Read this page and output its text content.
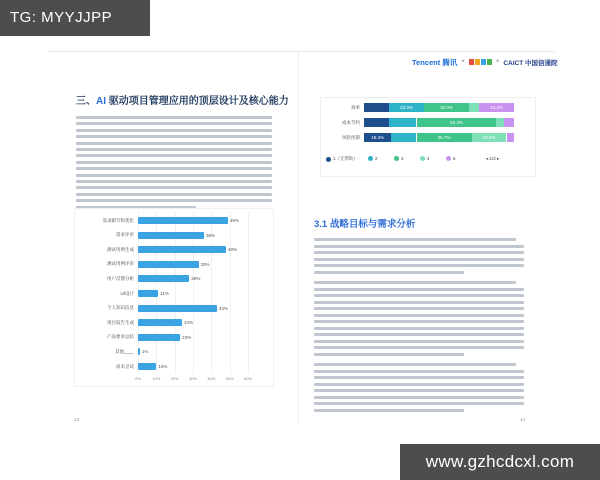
TG: MYYJJPP
Tencent 腾讯 ×	× CAICT 中国信通院
三、AI 驱动项目管理应用的顶层设计及核心能力
0%	10%	20%	30%	40%	50%	60%
需求跟写和优化	49%
需求评审	36%
测试用例生成	48%
测试用例评审	33%
用户反馈分析	28%
UI设计	11%
个人知识信息	43%
项目报告生成	24%
产品要求总结	23%
其他____ 1%
尚未尝试	10%
13
效率	23.3%	30.0%	23.3%
成本节约	53.3%
风险控制	18.3%	36.7%	23.3%
1（无帮助）	2	3	4	5	◂ 1/2 ▸
3.1 战略目标与需求分析
14
www.gzhcdcxl.com
